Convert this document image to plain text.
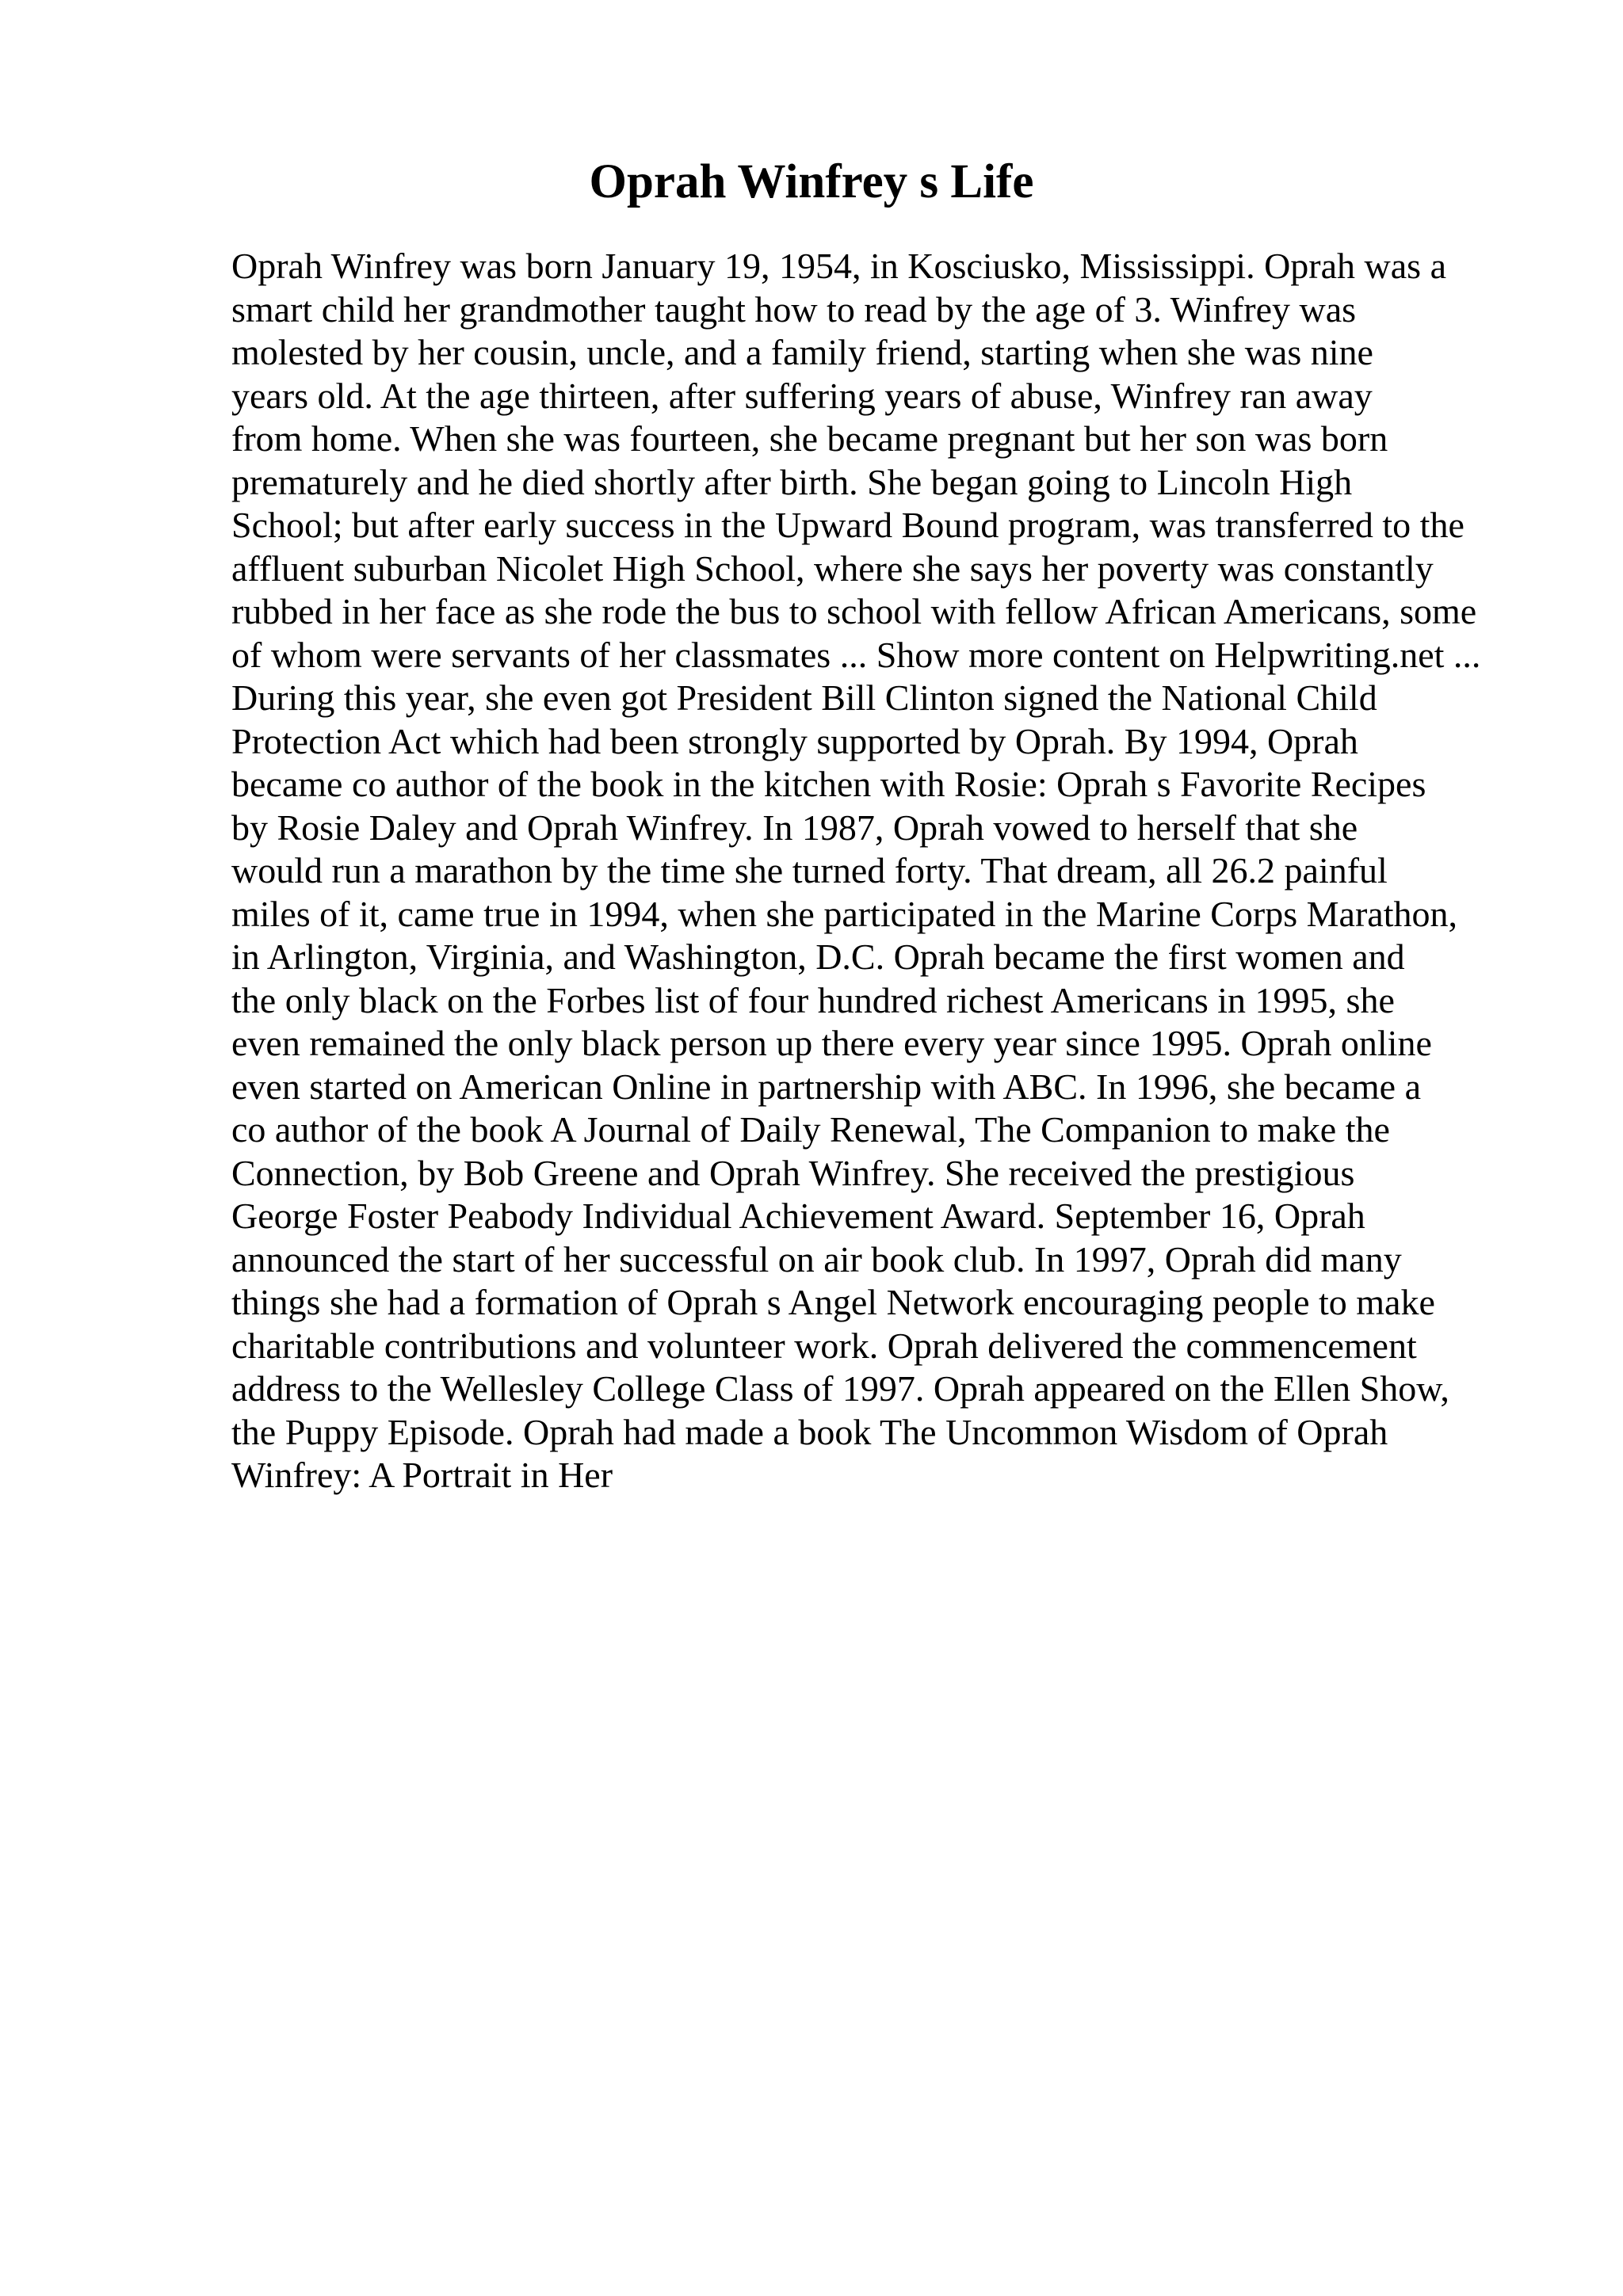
Oprah Winfrey s Life
Oprah Winfrey was born January 19, 1954, in Kosciusko, Mississippi. Oprah was a
smart child her grandmother taught how to read by the age of 3. Winfrey was
molested by her cousin, uncle, and a family friend, starting when she was nine
years old. At the age thirteen, after suffering years of abuse, Winfrey ran away
from home. When she was fourteen, she became pregnant but her son was born
prematurely and he died shortly after birth. She began going to Lincoln High
School; but after early success in the Upward Bound program, was transferred to the
affluent suburban Nicolet High School, where she says her poverty was constantly
rubbed in her face as she rode the bus to school with fellow African Americans, some
of whom were servants of her classmates ... Show more content on Helpwriting.net ...
During this year, she even got President Bill Clinton signed the National Child
Protection Act which had been strongly supported by Oprah. By 1994, Oprah
became co author of the book in the kitchen with Rosie: Oprah s Favorite Recipes
by Rosie Daley and Oprah Winfrey. In 1987, Oprah vowed to herself that she
would run a marathon by the time she turned forty. That dream, all 26.2 painful
miles of it, came true in 1994, when she participated in the Marine Corps Marathon,
in Arlington, Virginia, and Washington, D.C. Oprah became the first women and
the only black on the Forbes list of four hundred richest Americans in 1995, she
even remained the only black person up there every year since 1995. Oprah online
even started on American Online in partnership with ABC. In 1996, she became a
co author of the book A Journal of Daily Renewal, The Companion to make the
Connection, by Bob Greene and Oprah Winfrey. She received the prestigious
George Foster Peabody Individual Achievement Award. September 16, Oprah
announced the start of her successful on air book club. In 1997, Oprah did many
things she had a formation of Oprah s Angel Network encouraging people to make
charitable contributions and volunteer work. Oprah delivered the commencement
address to the Wellesley College Class of 1997. Oprah appeared on the Ellen Show,
the Puppy Episode. Oprah had made a book The Uncommon Wisdom of Oprah
Winfrey: A Portrait in Her
